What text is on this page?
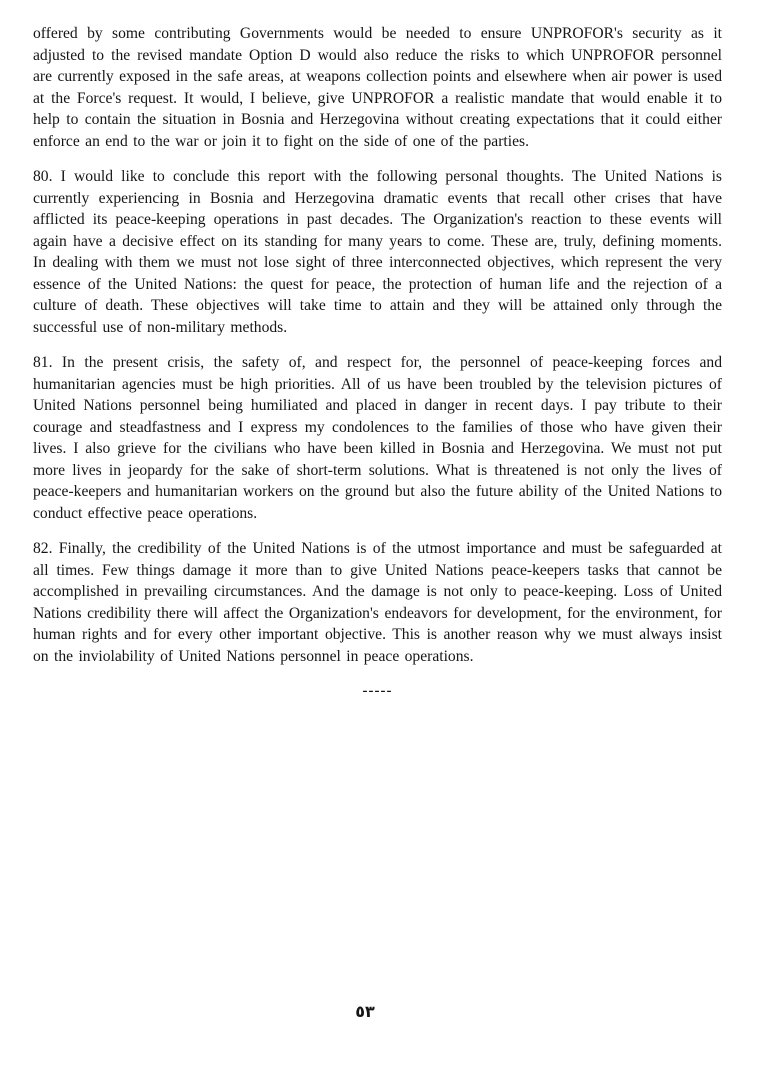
offered by some contributing Governments would be needed to ensure UNPROFOR's security as it adjusted to the revised mandate Option D would also reduce the risks to which UNPROFOR personnel are currently exposed in the safe areas, at weapons collection points and elsewhere when air power is used at the Force's request. It would, I believe, give UNPROFOR a realistic mandate that would enable it to help to contain the situation in Bosnia and Herzegovina without creating expectations that it could either enforce an end to the war or join it to fight on the side of one of the parties.

80. I would like to conclude this report with the following personal thoughts. The United Nations is currently experiencing in Bosnia and Herzegovina dramatic events that recall other crises that have afflicted its peace-keeping operations in past decades. The Organization's reaction to these events will again have a decisive effect on its standing for many years to come. These are, truly, defining moments. In dealing with them we must not lose sight of three interconnected objectives, which represent the very essence of the United Nations: the quest for peace, the protection of human life and the rejection of a culture of death. These objectives will take time to attain and they will be attained only through the successful use of non-military methods.

81. In the present crisis, the safety of, and respect for, the personnel of peace-keeping forces and humanitarian agencies must be high priorities. All of us have been troubled by the television pictures of United Nations personnel being humiliated and placed in danger in recent days. I pay tribute to their courage and steadfastness and I express my condolences to the families of those who have given their lives. I also grieve for the civilians who have been killed in Bosnia and Herzegovina. We must not put more lives in jeopardy for the sake of short-term solutions. What is threatened is not only the lives of peace-keepers and humanitarian workers on the ground but also the future ability of the United Nations to conduct effective peace operations.

82. Finally, the credibility of the United Nations is of the utmost importance and must be safeguarded at all times. Few things damage it more than to give United Nations peace-keepers tasks that cannot be accomplished in prevailing circumstances. And the damage is not only to peace-keeping. Loss of United Nations credibility there will affect the Organization's endeavors for development, for the environment, for human rights and for every other important objective. This is another reason why we must always insist on the inviolability of United Nations personnel in peace operations.

-----
٥٣
